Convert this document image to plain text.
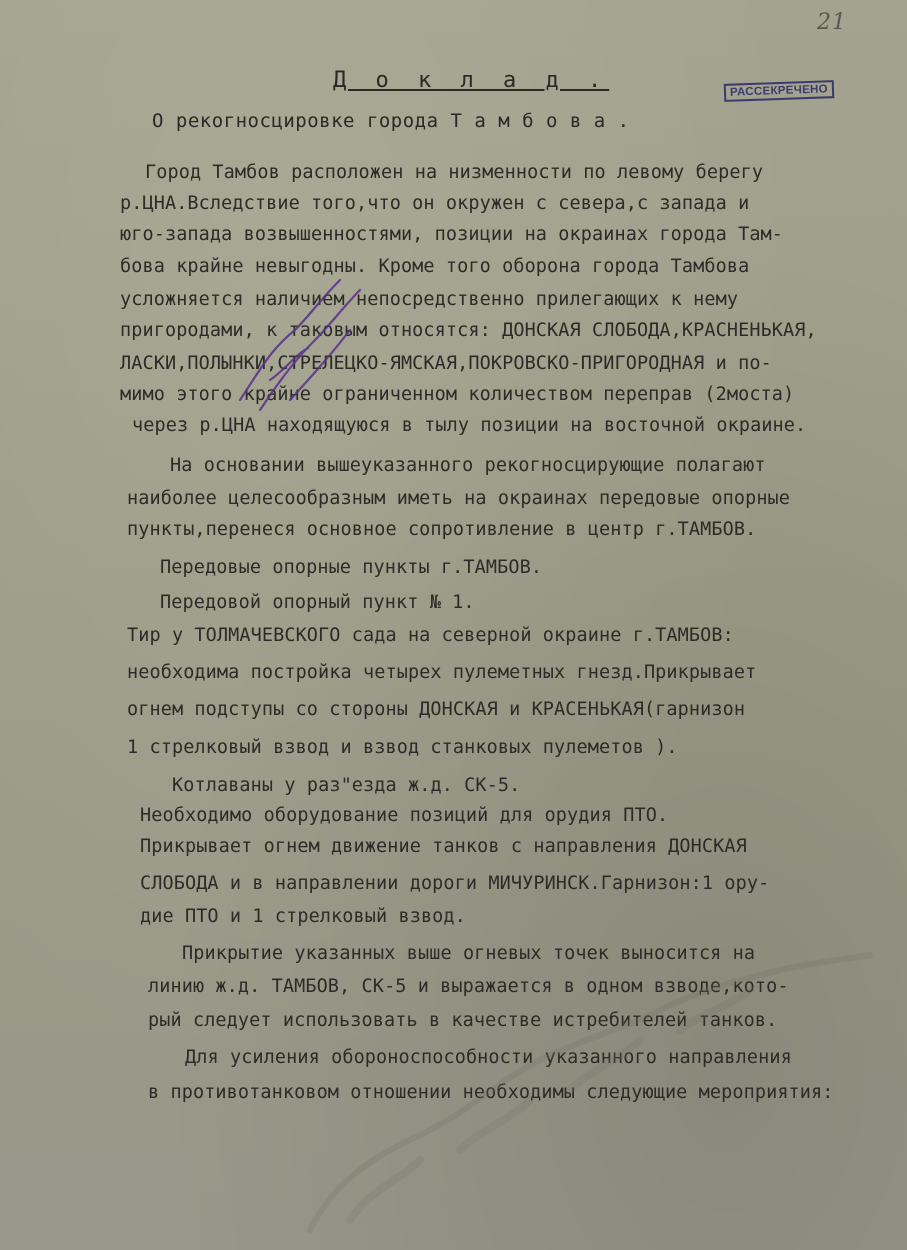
21
Д о к л а д .	РАССЕКРЕЧЕНО
О рекогносцировке города Т а м б о в а .
Город Тамбов расположен на низменности по левому берегу
р.ЦНА.Вследствие того,что он окружен с севера,с запада и
юго-запада возвышенностями, позиции на окраинах города Там-
бова крайне невыгодны. Кроме того оборона города Тамбова
усложняется наличием непосредственно прилегающих к нему
пригородами, к таковым относятся: ДОНСКАЯ СЛОБОДА,КРАСНЕНЬКАЯ,
ЛАСКИ,ПОЛЫНКИ,СТРЕЛЕЦКО-ЯМСКАЯ,ПОКРОВСКО-ПРИГОРОДНАЯ и по-
мимо этого крайне ограниченном количеством переправ (2моста)
через р.ЦНА находящуюся в тылу позиции на восточной окраине.
На основании вышеуказанного рекогносцирующие полагают
наиболее целесообразным иметь на окраинах передовые опорные
пункты,перенеся основное сопротивление в центр г.ТАМБОВ.
Передовые опорные пункты г.ТАМБОВ.
Передовой опорный пункт № 1.
Тир у ТОЛМАЧЕВСКОГО сада на северной окраине г.ТАМБОВ:
необходима постройка четырех пулеметных гнезд.Прикрывает
огнем подступы со стороны ДОНСКАЯ и КРАСЕНЬКАЯ(гарнизон
1 стрелковый взвод и взвод станковых пулеметов ).
Котлаваны у раз"езда ж.д. СК-5.
Необходимо оборудование позиций для орудия ПТО.
Прикрывает огнем движение танков с направления ДОНСКАЯ
СЛОБОДА и в направлении дороги МИЧУРИНСК.Гарнизон:1 ору-
дие ПТО и 1 стрелковый взвод.
Прикрытие указанных выше огневых точек выносится на
линию ж.д. ТАМБОВ, СК-5 и выражается в одном взводе,кото-
рый следует использовать в качестве истребителей танков.
Для усиления обороноспособности указанного направления
в противотанковом отношении необходимы следующие мероприятия:
